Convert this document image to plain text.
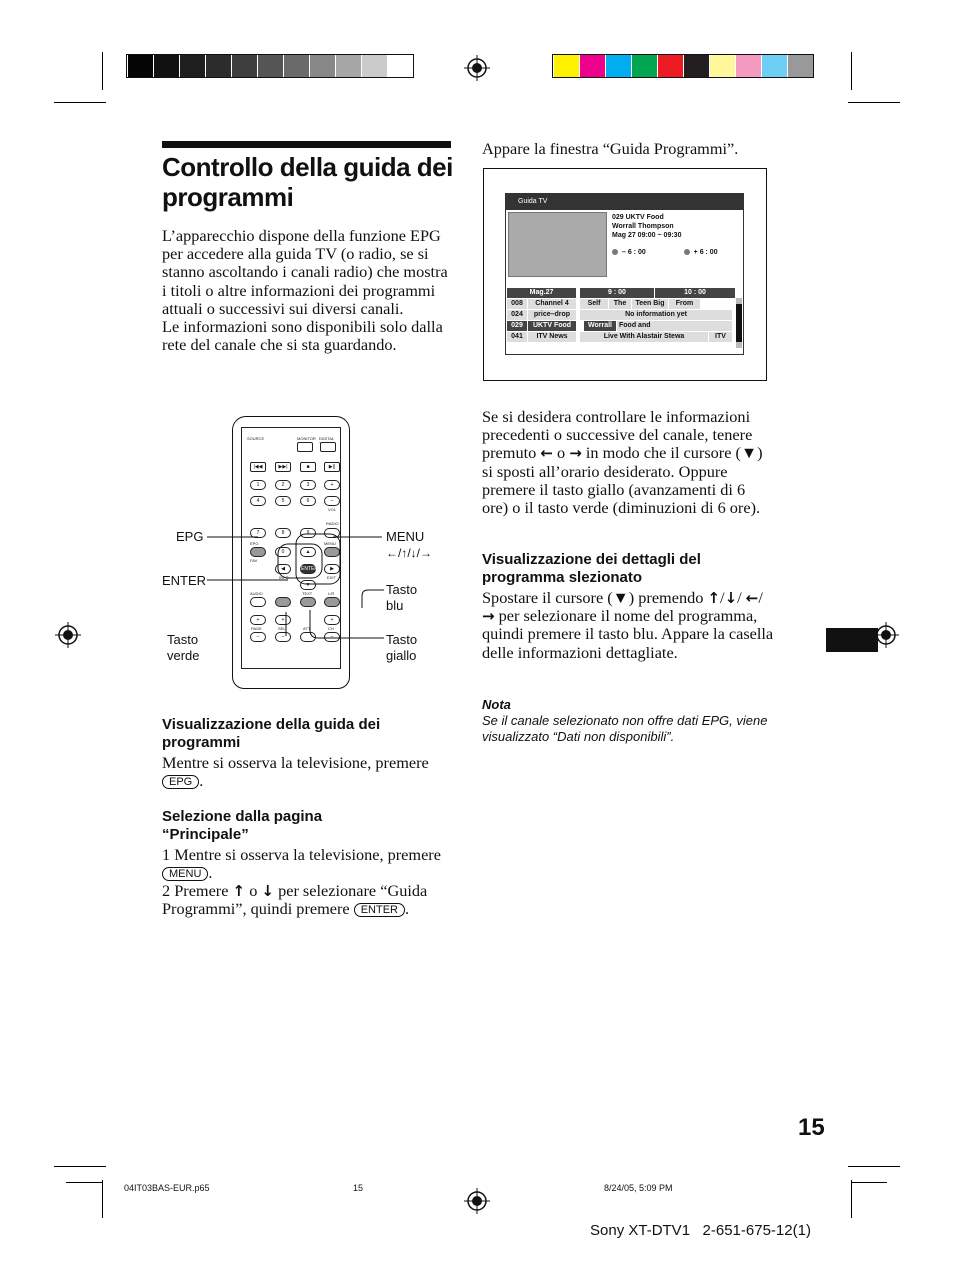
Controllo della guida dei programmi
L’apparecchio dispone della funzione EPG per accedere alla guida TV (o radio, se si stanno ascoltando i canali radio) che mostra i titoli o altre informazioni dei programmi attuali o successivi sui diversi canali.
Le informazioni sono disponibili solo dalla rete del canale che si sta guardando.
SOURCE	MONITOR DIGITAL
|◀◀	▶▶|	■	▶||
1	2	3	+
4	5	6	–
VOL
RADIO
7	8	9
EPG	MENU
0	▲
FAV
◀	ENTER	▶
INFO	EXIT
▼
AUDIO	TEXT	L/R
+	+	+
PAGE	SEL	ATT	CH
–	–	–
EPG
ENTER
Tasto verde
MENU
←/↑/↓/→
Tasto blu
Tasto giallo
Visualizzazione della guida dei programmi
Mentre si osserva la televisione, premere EPG .
Selezione dalla pagina “Principale”
1 Mentre si osserva la televisione, premere MENU .
2 Premere ↑ o ↓ per selezionare “Guida Programmi”, quindi premere ENTER .
Appare la finestra “Guida Programmi”.
Guida TV
029 UKTV Food
Worrall Thompson
Mag 27 09:00 ~ 09:30
– 6 : 00	+ 6 : 00
Mag.27	9 : 00	10 : 00
008	Channel 4	Self	The	Teen Big	From
024	price–drop	No information yet
029	UKTV Food	Worrall	Food and
041	ITV News	Live With Alastair Stewa	ITV
Se si desidera controllare le informazioni precedenti o successive del canale, tenere premuto ← o → in modo che il cursore (▼) si sposti all’orario desiderato. Oppure premere il tasto giallo (avanzamenti di 6 ore) o il tasto verde (diminuzioni di 6 ore).
Visualizzazione dei dettagli del programma slezionato
Spostare il cursore (▼) premendo ↑/↓/ ←/→ per selezionare il nome del programma, quindi premere il tasto blu. Appare la casella delle informazioni dettagliate.
Nota
Se il canale selezionato non offre dati EPG, viene visualizzato “Dati non disponibili”.
15
04IT03BAS-EUR.p65	15	8/24/05, 5:09 PM
Sony XT-DTV1   2-651-675-12(1)
